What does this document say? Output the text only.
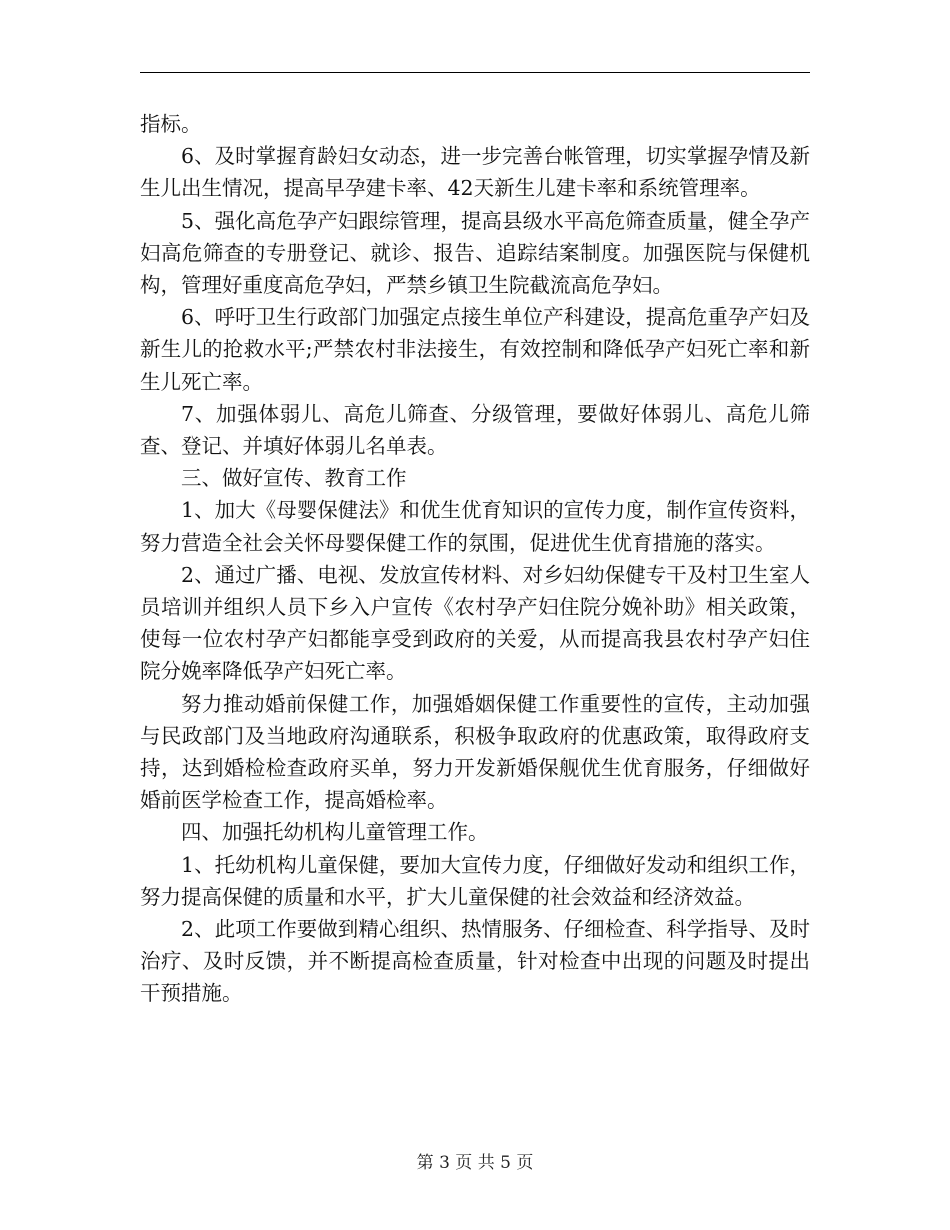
指标。

6、及时掌握育龄妇女动态，进一步完善台帐管理，切实掌握孕情及新生儿出生情况，提高早孕建卡率、42天新生儿建卡率和系统管理率。

5、强化高危孕产妇跟综管理，提高县级水平高危筛查质量，健全孕产妇高危筛查的专册登记、就诊、报告、追踪结案制度。加强医院与保健机构，管理好重度高危孕妇，严禁乡镇卫生院截流高危孕妇。

6、呼吁卫生行政部门加强定点接生单位产科建设，提高危重孕产妇及新生儿的抢救水平;严禁农村非法接生，有效控制和降低孕产妇死亡率和新生儿死亡率。

7、加强体弱儿、高危儿筛查、分级管理，要做好体弱儿、高危儿筛查、登记、并填好体弱儿名单表。

三、做好宣传、教育工作

1、加大《母婴保健法》和优生优育知识的宣传力度，制作宣传资料，努力营造全社会关怀母婴保健工作的氛围，促进优生优育措施的落实。

2、通过广播、电视、发放宣传材料、对乡妇幼保健专干及村卫生室人员培训并组织人员下乡入户宣传《农村孕产妇住院分娩补助》相关政策，使每一位农村孕产妇都能享受到政府的关爱，从而提高我县农村孕产妇住院分娩率降低孕产妇死亡率。

努力推动婚前保健工作，加强婚姻保健工作重要性的宣传，主动加强与民政部门及当地政府沟通联系，积极争取政府的优惠政策，取得政府支持，达到婚检检查政府买单，努力开发新婚保舰优生优育服务，仔细做好婚前医学检查工作，提高婚检率。

四、加强托幼机构儿童管理工作。

1、托幼机构儿童保健，要加大宣传力度，仔细做好发动和组织工作，努力提高保健的质量和水平，扩大儿童保健的社会效益和经济效益。

2、此项工作要做到精心组织、热情服务、仔细检查、科学指导、及时治疗、及时反馈，并不断提高检查质量，针对检查中出现的问题及时提出干预措施。

第 3 页 共 5 页
